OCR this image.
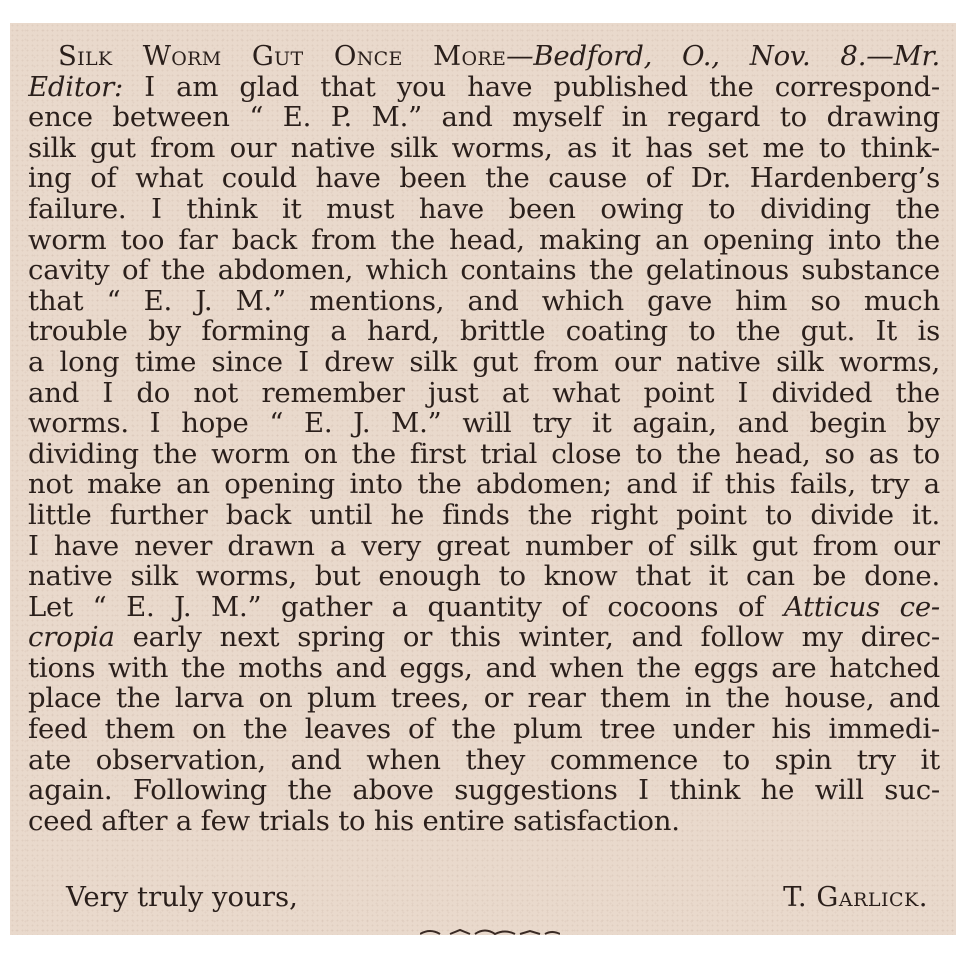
Silk Worm Gut Once More—Bedford, O., Nov. 8.—Mr.
Editor: I am glad that you have published the correspond-
ence between “ E. P. M.” and myself in regard to drawing
silk gut from our native silk worms, as it has set me to think-
ing of what could have been the cause of Dr. Hardenberg’s
failure. I think it must have been owing to dividing the
worm too far back from the head, making an opening into the
cavity of the abdomen, which contains the gelatinous substance
that “ E. J. M.” mentions, and which gave him so much
trouble by forming a hard, brittle coating to the gut. It is
a long time since I drew silk gut from our native silk worms,
and I do not remember just at what point I divided the
worms. I hope “ E. J. M.” will try it again, and begin by
dividing the worm on the first trial close to the head, so as to
not make an opening into the abdomen; and if this fails, try a
little further back until he finds the right point to divide it.
I have never drawn a very great number of silk gut from our
native silk worms, but enough to know that it can be done.
Let “ E. J. M.” gather a quantity of cocoons of Atticus ce-
cropia early next spring or this winter, and follow my direc-
tions with the moths and eggs, and when the eggs are hatched
place the larva on plum trees, or rear them in the house, and
feed them on the leaves of the plum tree under his immedi-
ate observation, and when they commence to spin try it
again. Following the above suggestions I think he will suc-
ceed after a few trials to his entire satisfaction.
Very truly yours,	T. Garlick.
